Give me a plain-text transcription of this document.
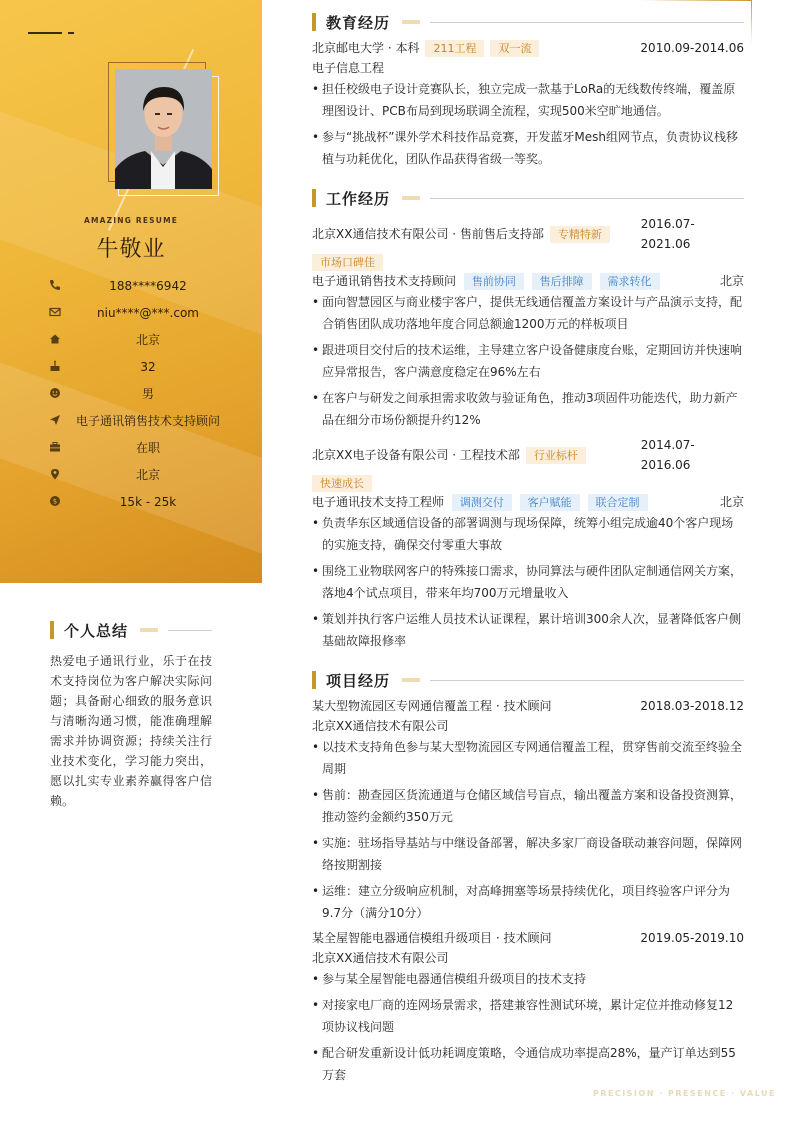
AMAZING RESUME
牛敬业
188****6942
niu****@***.com
北京
32
男
电子通讯销售技术支持顾问
在职
北京
$	15k - 25k
个人总结
热爱电子通讯行业，乐于在技术支持岗位为客户解决实际问题；具备耐心细致的服务意识与清晰沟通习惯，能准确理解需求并协调资源；持续关注行业技术变化，学习能力突出，愿以扎实专业素养赢得客户信赖。
教育经历
北京邮电大学 · 本科	211工程	双一流	2010.09-2014.06
电子信息工程
• 担任校级电子设计竞赛队长，独立完成一款基于LoRa的无线数传终端，覆盖原理图设计、PCB布局到现场联调全流程，实现500米空旷地通信。
• 参与“挑战杯”课外学术科技作品竞赛，开发蓝牙Mesh组网节点，负责协议栈移植与功耗优化，团队作品获得省级一等奖。
工作经历
北京XX通信技术有限公司 · 售前售后支持部	专精特新
2016.07-2021.06
市场口碑佳
电子通讯销售技术支持顾问 售前协同 售后排障 需求转化	北京
• 面向智慧园区与商业楼宇客户，提供无线通信覆盖方案设计与产品演示支持，配合销售团队成功落地年度合同总额逾1200万元的样板项目
• 跟进项目交付后的技术运维，主导建立客户设备健康度台账，定期回访并快速响应异常报告，客户满意度稳定在96%左右
• 在客户与研发之间承担需求收敛与验证角色，推动3项固件功能迭代，助力新产品在细分市场份额提升约12%
北京XX电子设备有限公司 · 工程技术部	行业标杆
2014.07-2016.06
快速成长
电子通讯技术支持工程师 调测交付 客户赋能 联合定制	北京
• 负责华东区域通信设备的部署调测与现场保障，统筹小组完成逾40个客户现场的实施支持，确保交付零重大事故
• 围绕工业物联网客户的特殊接口需求，协同算法与硬件团队定制通信网关方案，落地4个试点项目，带来年均700万元增量收入
• 策划并执行客户运维人员技术认证课程，累计培训300余人次，显著降低客户侧基础故障报修率
项目经历
某大型物流园区专网通信覆盖工程 · 技术顾问	2018.03-2018.12
北京XX通信技术有限公司
• 以技术支持角色参与某大型物流园区专网通信覆盖工程，贯穿售前交流至终验全周期
• 售前：勘查园区货流通道与仓储区域信号盲点，输出覆盖方案和设备投资测算，推动签约金额约350万元
• 实施：驻场指导基站与中继设备部署，解决多家厂商设备联动兼容问题，保障网络按期割接
• 运维：建立分级响应机制，对高峰拥塞等场景持续优化，项目终验客户评分为9.7分（满分10分）
某全屋智能电器通信模组升级项目 · 技术顾问	2019.05-2019.10
北京XX通信技术有限公司
• 参与某全屋智能电器通信模组升级项目的技术支持
• 对接家电厂商的连网场景需求，搭建兼容性测试环境，累计定位并推动修复12项协议栈问题
• 配合研发重新设计低功耗调度策略，令通信成功率提高28%，量产订单达到55万套
PRECISION · PRESENCE · VALUE
